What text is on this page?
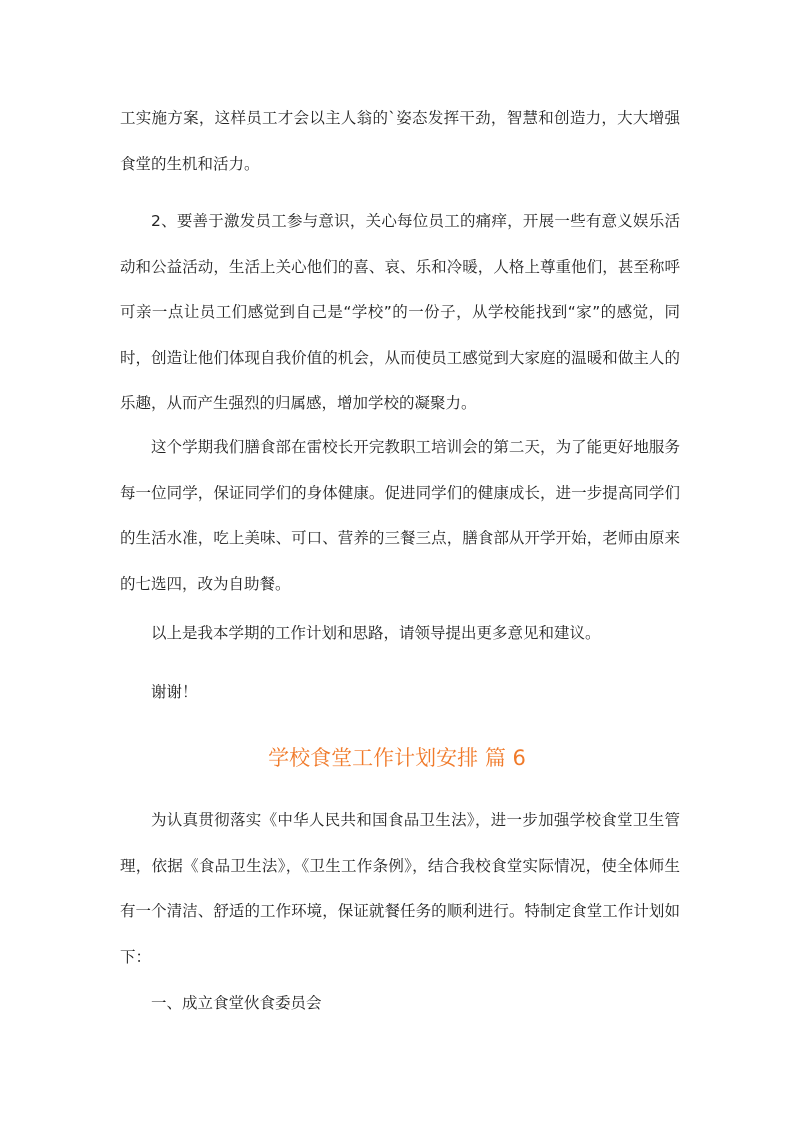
工实施方案，这样员工才会以主人翁的`姿态发挥干劲，智慧和创造力，大大增强食堂的生机和活力。

2、要善于激发员工参与意识，关心每位员工的痛痒，开展一些有意义娱乐活动和公益活动，生活上关心他们的喜、哀、乐和冷暖，人格上尊重他们，甚至称呼可亲一点让员工们感觉到自己是“学校”的一份子，从学校能找到“家”的感觉，同时，创造让他们体现自我价值的机会，从而使员工感觉到大家庭的温暖和做主人的乐趣，从而产生强烈的归属感，增加学校的凝聚力。

这个学期我们膳食部在雷校长开完教职工培训会的第二天，为了能更好地服务每一位同学，保证同学们的身体健康。促进同学们的健康成长，进一步提高同学们的生活水准，吃上美味、可口、营养的三餐三点，膳食部从开学开始，老师由原来的七选四，改为自助餐。

以上是我本学期的工作计划和思路，请领导提出更多意见和建议。

谢谢！

学校食堂工作计划安排 篇 6

为认真贯彻落实《中华人民共和国食品卫生法》，进一步加强学校食堂卫生管理，依据《食品卫生法》，《卫生工作条例》，结合我校食堂实际情况，使全体师生有一个清洁、舒适的工作环境，保证就餐任务的顺利进行。特制定食堂工作计划如下：

一、成立食堂伙食委员会
